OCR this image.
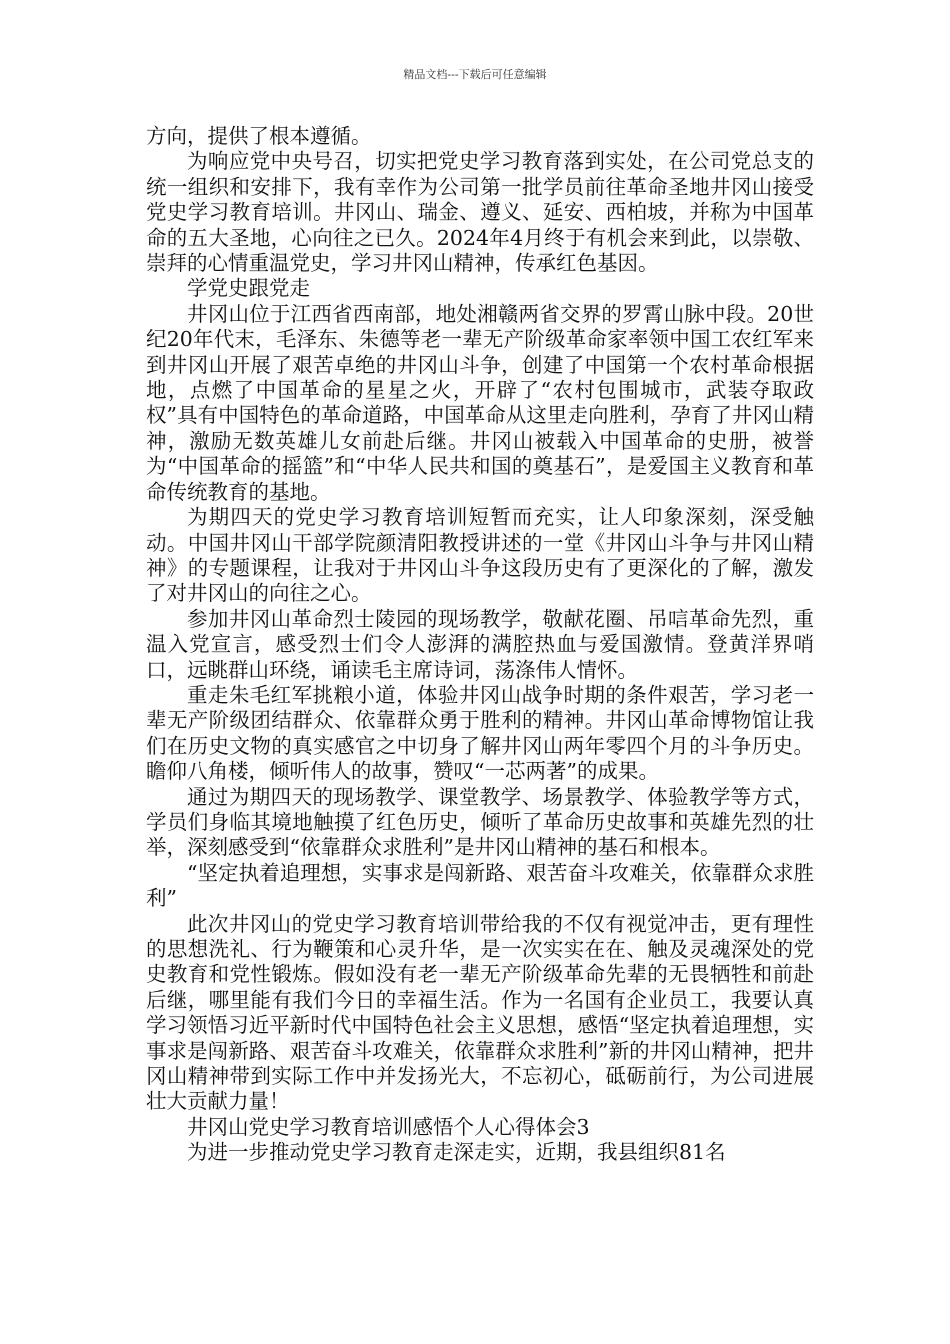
精品文档---下载后可任意编辑

方向，提供了根本遵循。

为响应党中央号召，切实把党史学习教育落到实处，在公司党总支的统一组织和安排下，我有幸作为公司第一批学员前往革命圣地井冈山接受党史学习教育培训。井冈山、瑞金、遵义、延安、西柏坡，并称为中国革命的五大圣地，心向往之已久。2024年4月终于有机会来到此，以崇敬、崇拜的心情重温党史，学习井冈山精神，传承红色基因。

学党史跟党走

井冈山位于江西省西南部，地处湘赣两省交界的罗霄山脉中段。20世纪20年代末，毛泽东、朱德等老一辈无产阶级革命家率领中国工农红军来到井冈山开展了艰苦卓绝的井冈山斗争，创建了中国第一个农村革命根据地，点燃了中国革命的星星之火，开辟了“农村包围城市，武装夺取政权”具有中国特色的革命道路，中国革命从这里走向胜利，孕育了井冈山精神，激励无数英雄儿女前赴后继。井冈山被载入中国革命的史册，被誉为“中国革命的摇篮”和“中华人民共和国的奠基石”，是爱国主义教育和革命传统教育的基地。

为期四天的党史学习教育培训短暂而充实，让人印象深刻，深受触动。中国井冈山干部学院颜清阳教授讲述的一堂《井冈山斗争与井冈山精神》的专题课程，让我对于井冈山斗争这段历史有了更深化的了解，激发了对井冈山的向往之心。

参加井冈山革命烈士陵园的现场教学，敬献花圈、吊唁革命先烈，重温入党宣言，感受烈士们令人澎湃的满腔热血与爱国激情。登黄洋界哨口，远眺群山环绕，诵读毛主席诗词，荡涤伟人情怀。

重走朱毛红军挑粮小道，体验井冈山战争时期的条件艰苦，学习老一辈无产阶级团结群众、依靠群众勇于胜利的精神。井冈山革命博物馆让我们在历史文物的真实感官之中切身了解井冈山两年零四个月的斗争历史。瞻仰八角楼，倾听伟人的故事，赞叹“一芯两著”的成果。

通过为期四天的现场教学、课堂教学、场景教学、体验教学等方式，学员们身临其境地触摸了红色历史，倾听了革命历史故事和英雄先烈的壮举，深刻感受到“依靠群众求胜利”是井冈山精神的基石和根本。

“坚定执着追理想，实事求是闯新路、艰苦奋斗攻难关，依靠群众求胜利”

此次井冈山的党史学习教育培训带给我的不仅有视觉冲击，更有理性的思想洗礼、行为鞭策和心灵升华，是一次实实在在、触及灵魂深处的党史教育和党性锻炼。假如没有老一辈无产阶级革命先辈的无畏牺牲和前赴后继，哪里能有我们今日的幸福生活。作为一名国有企业员工，我要认真学习领悟习近平新时代中国特色社会主义思想，感悟“坚定执着追理想，实事求是闯新路、艰苦奋斗攻难关，依靠群众求胜利”新的井冈山精神，把井冈山精神带到实际工作中并发扬光大，不忘初心，砥砺前行，为公司进展壮大贡献力量！

井冈山党史学习教育培训感悟个人心得体会3

为进一步推动党史学习教育走深走实，近期，我县组织81名
